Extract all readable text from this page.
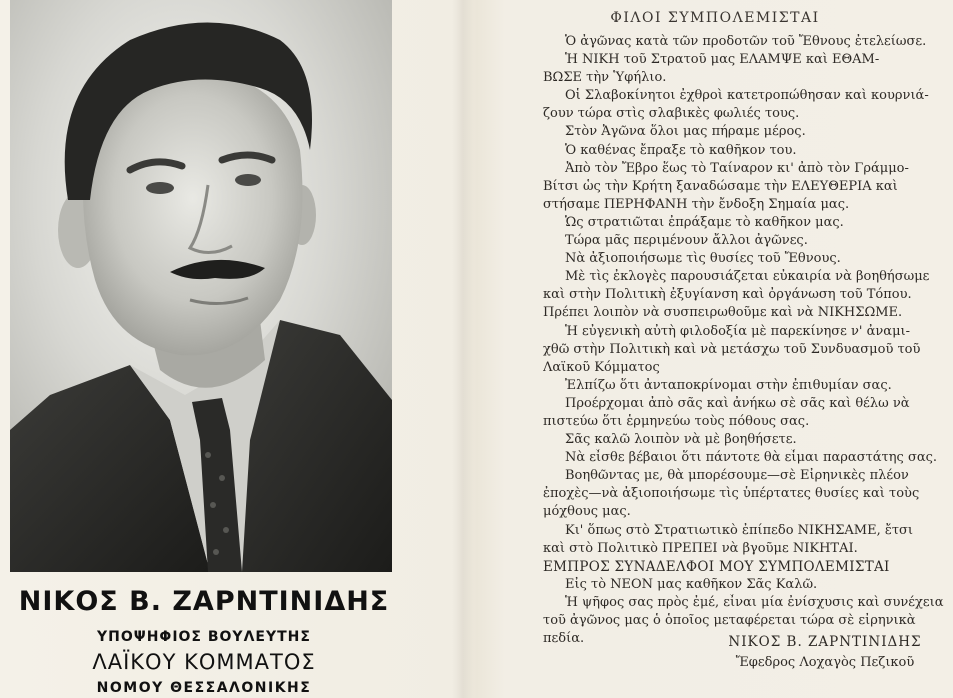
ΝΙΚΟΣ Β. ΖΑΡΝΤΙΝΙΔΗΣ
ΥΠΟΨΗΦΙΟΣ ΒΟΥΛΕΥΤΗΣ
ΛΑΪΚΟΥ ΚΟΜΜΑΤΟΣ
ΝΟΜΟΥ ΘΕΣΣΑΛΟΝΙΚΗΣ
ΦΙΛΟΙ ΣΥΜΠΟΛΕΜΙΣΤΑΙ
Ὁ ἀγῶνας κατὰ τῶν προδοτῶν τοῦ Ἔθνους ἐτελείωσε.
Ἡ ΝΙΚΗ τοῦ Στρατοῦ μας ΕΛΑΜΨΕ καὶ ΕΘΑΜ-
ΒΩΣΕ τὴν Ὑφήλιο.
Οἱ Σλαβοκίνητοι ἐχθροὶ κατετροπώθησαν καὶ κουρνιά-
ζουν τώρα στὶς σλαβικὲς φωλιές τους.
Στὸν Ἀγῶνα ὅλοι μας πήραμε μέρος.
Ὁ καθένας ἔπραξε τὸ καθῆκον του.
Ἀπὸ τὸν Ἔβρο ἕως τὸ Ταίναρον κι' ἀπὸ τὸν Γράμμο-
Βίτσι ὡς τὴν Κρήτη ξαναδώσαμε τὴν ΕΛΕΥΘΕΡΙΑ καὶ
στήσαμε ΠΕΡΗΦΑΝΗ τὴν ἔνδοξη Σημαία μας.
Ὡς στρατιῶται ἐπράξαμε τὸ καθῆκον μας.
Τώρα μᾶς περιμένουν ἄλλοι ἀγῶνες.
Νὰ ἀξιοποιήσωμε τὶς θυσίες τοῦ Ἔθνους.
Μὲ τὶς ἐκλογὲς παρουσιάζεται εὐκαιρία νὰ βοηθήσωμε
καὶ στὴν Πολιτικὴ ἐξυγίανση καὶ ὀργάνωση τοῦ Τόπου.
Πρέπει λοιπὸν νὰ συσπειρωθοῦμε καὶ νὰ ΝΙΚΗΣΩΜΕ.
Ἡ εὐγενικὴ αὐτὴ φιλοδοξία μὲ παρεκίνησε ν' ἀναμι-
χθῶ στὴν Πολιτικὴ καὶ νὰ μετάσχω τοῦ Συνδυασμοῦ τοῦ
Λαϊκοῦ Κόμματος
Ἐλπίζω ὅτι ἀνταποκρίνομαι στὴν ἐπιθυμίαν σας.
Προέρχομαι ἀπὸ σᾶς καὶ ἀνήκω σὲ σᾶς καὶ θέλω νὰ
πιστεύω ὅτι ἑρμηνεύω τοὺς πόθους σας.
Σᾶς καλῶ λοιπὸν νὰ μὲ βοηθήσετε.
Νὰ εἶσθε βέβαιοι ὅτι πάντοτε θὰ εἶμαι παραστάτης σας.
Βοηθῶντας με, θὰ μπορέσουμε—σὲ Εἰρηνικὲς πλέον
ἐποχὲς—νὰ ἀξιοποιήσωμε τὶς ὑπέρτατες θυσίες καὶ τοὺς
μόχθους μας.
Κι' ὅπως στὸ Στρατιωτικὸ ἐπίπεδο ΝΙΚΗΣΑΜΕ, ἔτσι
καὶ στὸ Πολιτικὸ ΠΡΕΠΕΙ νὰ βγοῦμε ΝΙΚΗΤΑΙ.
ΕΜΠΡΟΣ ΣΥΝΑΔΕΛΦΟΙ ΜΟΥ ΣΥΜΠΟΛΕΜΙΣΤΑΙ
Εἰς τὸ ΝΕΟΝ μας καθῆκον Σᾶς Καλῶ.
Ἡ ψῆφος σας πρὸς ἐμέ, εἶναι μία ἐνίσχυσις καὶ συνέχεια
τοῦ ἀγῶνος μας ὁ ὁποῖος μεταφέρεται τώρα σὲ εἰρηνικὰ
πεδία.	ΝΙΚΟΣ Β. ΖΑΡΝΤΙΝΙΔΗΣ
Ἔφεδρος Λοχαγὸς Πεζικοῦ
